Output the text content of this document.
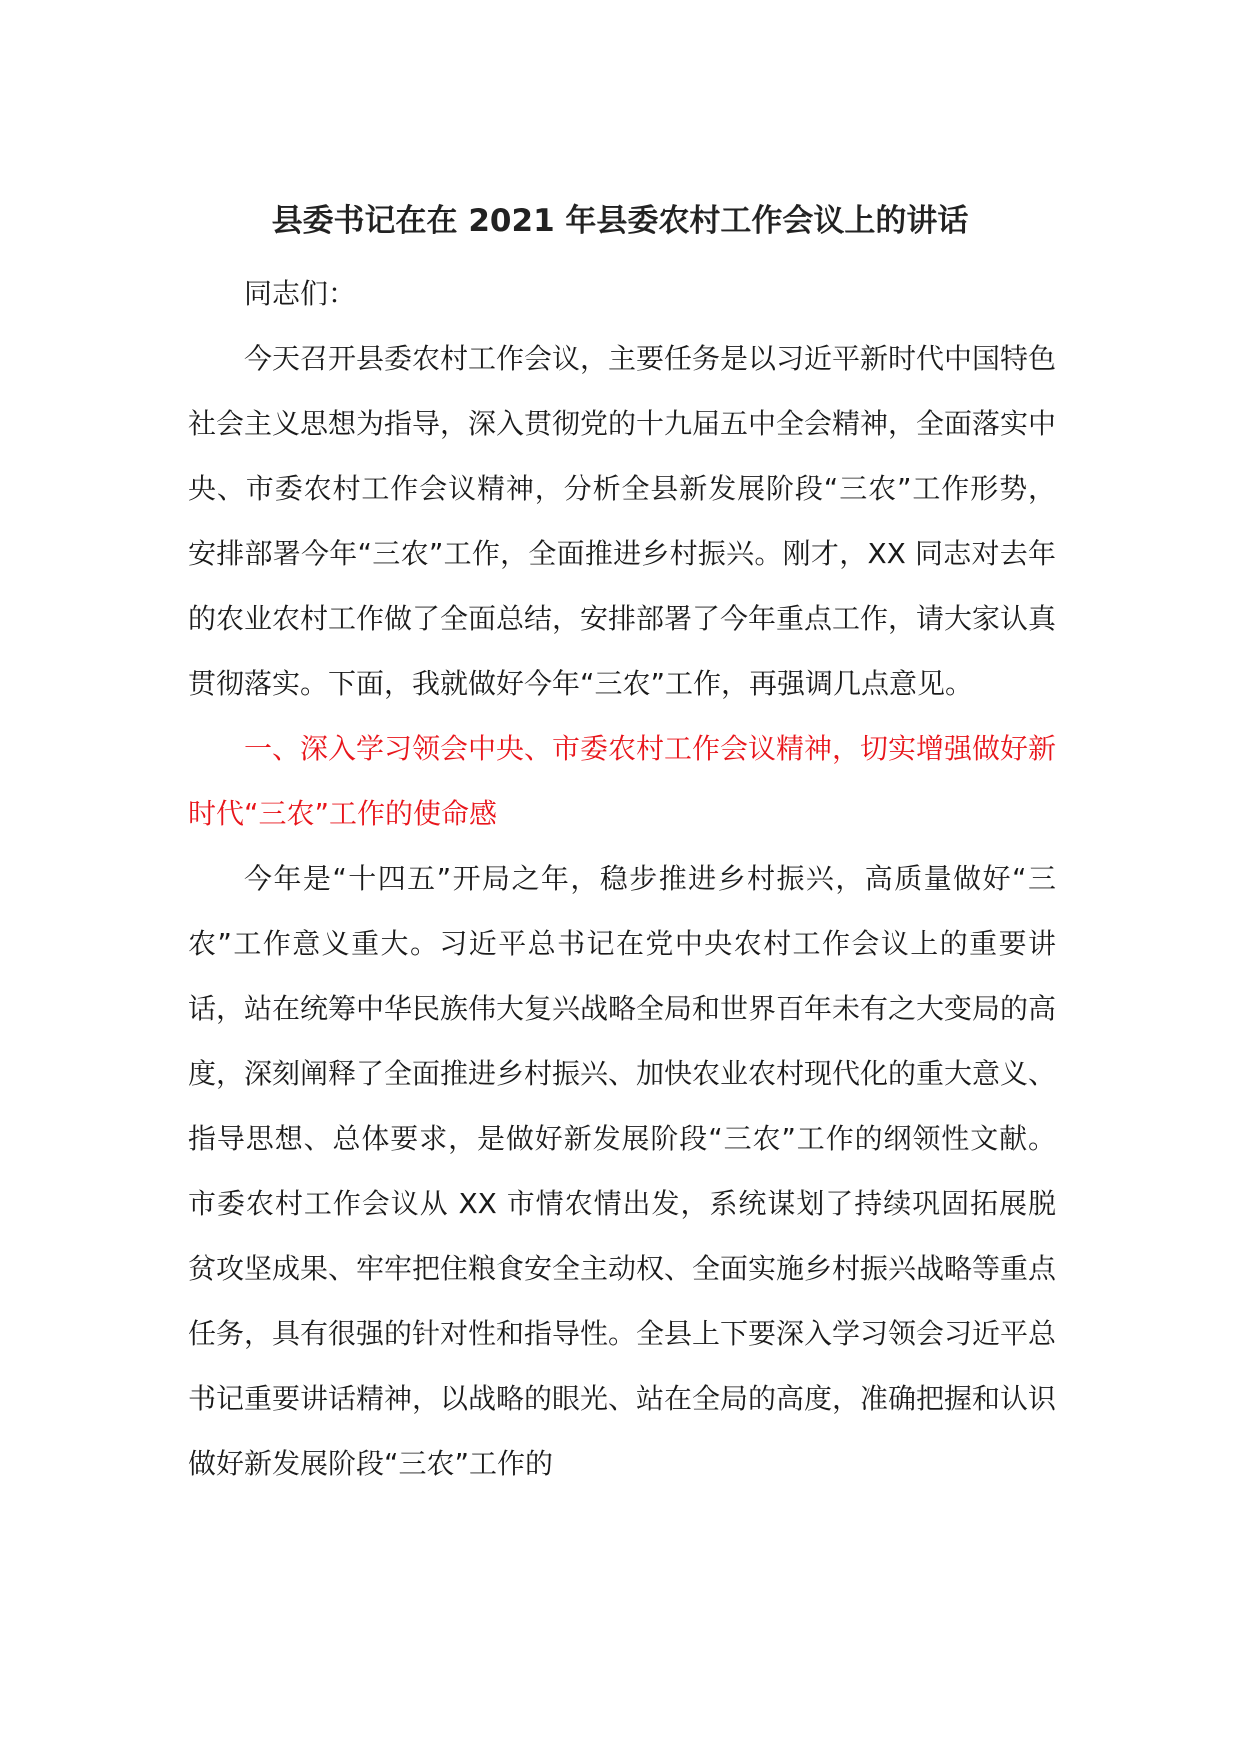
县委书记在在 2021 年县委农村工作会议上的讲话

同志们：

今天召开县委农村工作会议，主要任务是以习近平新时代中国特色社会主义思想为指导，深入贯彻党的十九届五中全会精神，全面落实中央、市委农村工作会议精神，分析全县新发展阶段“三农”工作形势，安排部署今年“三农”工作，全面推进乡村振兴。刚才，XX 同志对去年的农业农村工作做了全面总结，安排部署了今年重点工作，请大家认真贯彻落实。下面，我就做好今年“三农”工作，再强调几点意见。

一、深入学习领会中央、市委农村工作会议精神，切实增强做好新时代“三农”工作的使命感

今年是“十四五”开局之年，稳步推进乡村振兴，高质量做好“三农”工作意义重大。习近平总书记在党中央农村工作会议上的重要讲话，站在统筹中华民族伟大复兴战略全局和世界百年未有之大变局的高度，深刻阐释了全面推进乡村振兴、加快农业农村现代化的重大意义、指导思想、总体要求，是做好新发展阶段“三农”工作的纲领性文献。市委农村工作会议从 XX 市情农情出发，系统谋划了持续巩固拓展脱贫攻坚成果、牢牢把住粮食安全主动权、全面实施乡村振兴战略等重点任务，具有很强的针对性和指导性。全县上下要深入学习领会习近平总书记重要讲话精神，以战略的眼光、站在全局的高度，准确把握和认识做好新发展阶段“三农”工作的
